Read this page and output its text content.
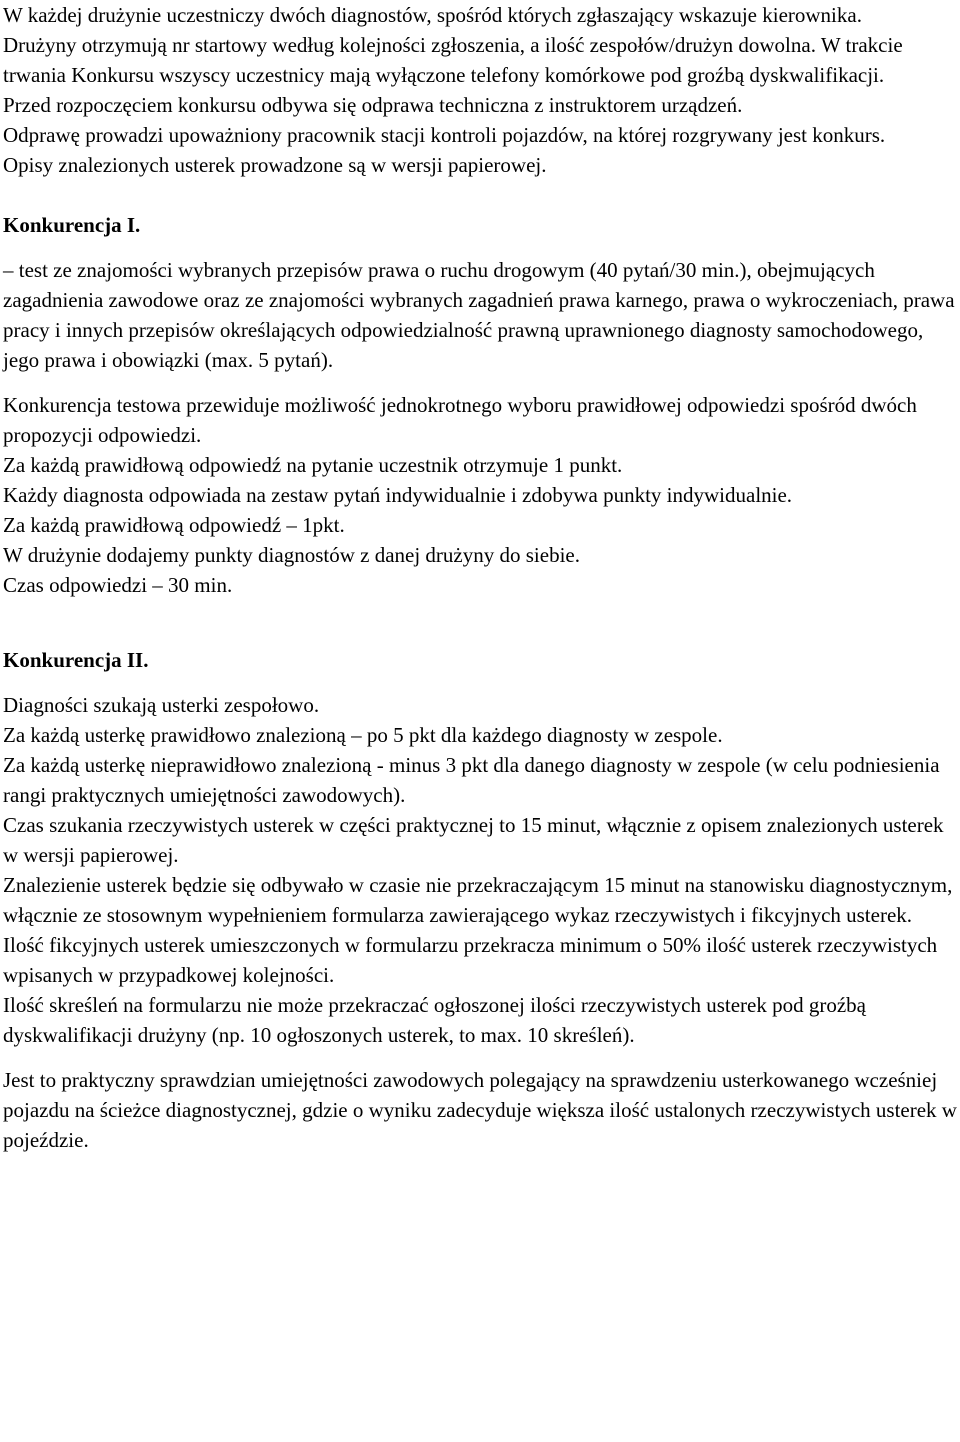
W każdej drużynie uczestniczy dwóch diagnostów, spośród których zgłaszający wskazuje kierownika.

Drużyny otrzymują nr startowy według kolejności zgłoszenia, a ilość zespołów/drużyn dowolna. W trakcie trwania Konkursu wszyscy uczestnicy mają wyłączone telefony komórkowe pod groźbą dyskwalifikacji.

Przed rozpoczęciem konkursu odbywa się odprawa techniczna z instruktorem urządzeń.

Odprawę prowadzi upoważniony pracownik stacji kontroli pojazdów, na której rozgrywany jest konkurs.

Opisy znalezionych usterek prowadzone są w wersji papierowej.

Konkurencja I.

– test ze znajomości wybranych przepisów prawa o ruchu drogowym (40 pytań/30 min.), obejmujących zagadnienia zawodowe oraz ze znajomości wybranych zagadnień prawa karnego, prawa o wykroczeniach, prawa pracy i innych przepisów określających odpowiedzialność prawną uprawnionego diagnosty samochodowego, jego prawa i obowiązki (max. 5 pytań).

Konkurencja testowa przewiduje możliwość jednokrotnego wyboru prawidłowej odpowiedzi spośród dwóch propozycji odpowiedzi.

Za każdą prawidłową odpowiedź na pytanie uczestnik otrzymuje 1 punkt.

Każdy diagnosta odpowiada na zestaw pytań indywidualnie i zdobywa punkty indywidualnie.

Za każdą prawidłową odpowiedź – 1pkt.

W drużynie dodajemy punkty diagnostów z danej drużyny do siebie.

Czas odpowiedzi – 30 min.

Konkurencja II.

Diagności szukają usterki zespołowo.

Za każdą usterkę prawidłowo znalezioną – po 5 pkt dla każdego diagnosty w zespole.

Za każdą usterkę nieprawidłowo znalezioną - minus 3 pkt dla danego diagnosty w zespole (w celu podniesienia rangi praktycznych umiejętności zawodowych).

Czas szukania rzeczywistych usterek w części praktycznej to 15 minut, włącznie z opisem znalezionych usterek w wersji papierowej.

Znalezienie usterek będzie się odbywało w czasie nie przekraczającym 15 minut na stanowisku diagnostycznym, włącznie ze stosownym wypełnieniem formularza zawierającego wykaz rzeczywistych i fikcyjnych usterek.

Ilość fikcyjnych usterek umieszczonych w formularzu przekracza minimum o 50% ilość usterek rzeczywistych wpisanych w przypadkowej kolejności.

Ilość skreśleń na formularzu nie może przekraczać ogłoszonej ilości rzeczywistych usterek pod groźbą dyskwalifikacji drużyny (np. 10 ogłoszonych usterek, to max. 10 skreśleń).

Jest to praktyczny sprawdzian umiejętności zawodowych polegający na sprawdzeniu usterkowanego wcześniej pojazdu na ścieżce diagnostycznej, gdzie o wyniku zadecyduje większa ilość ustalonych rzeczywistych usterek w pojeździe.
